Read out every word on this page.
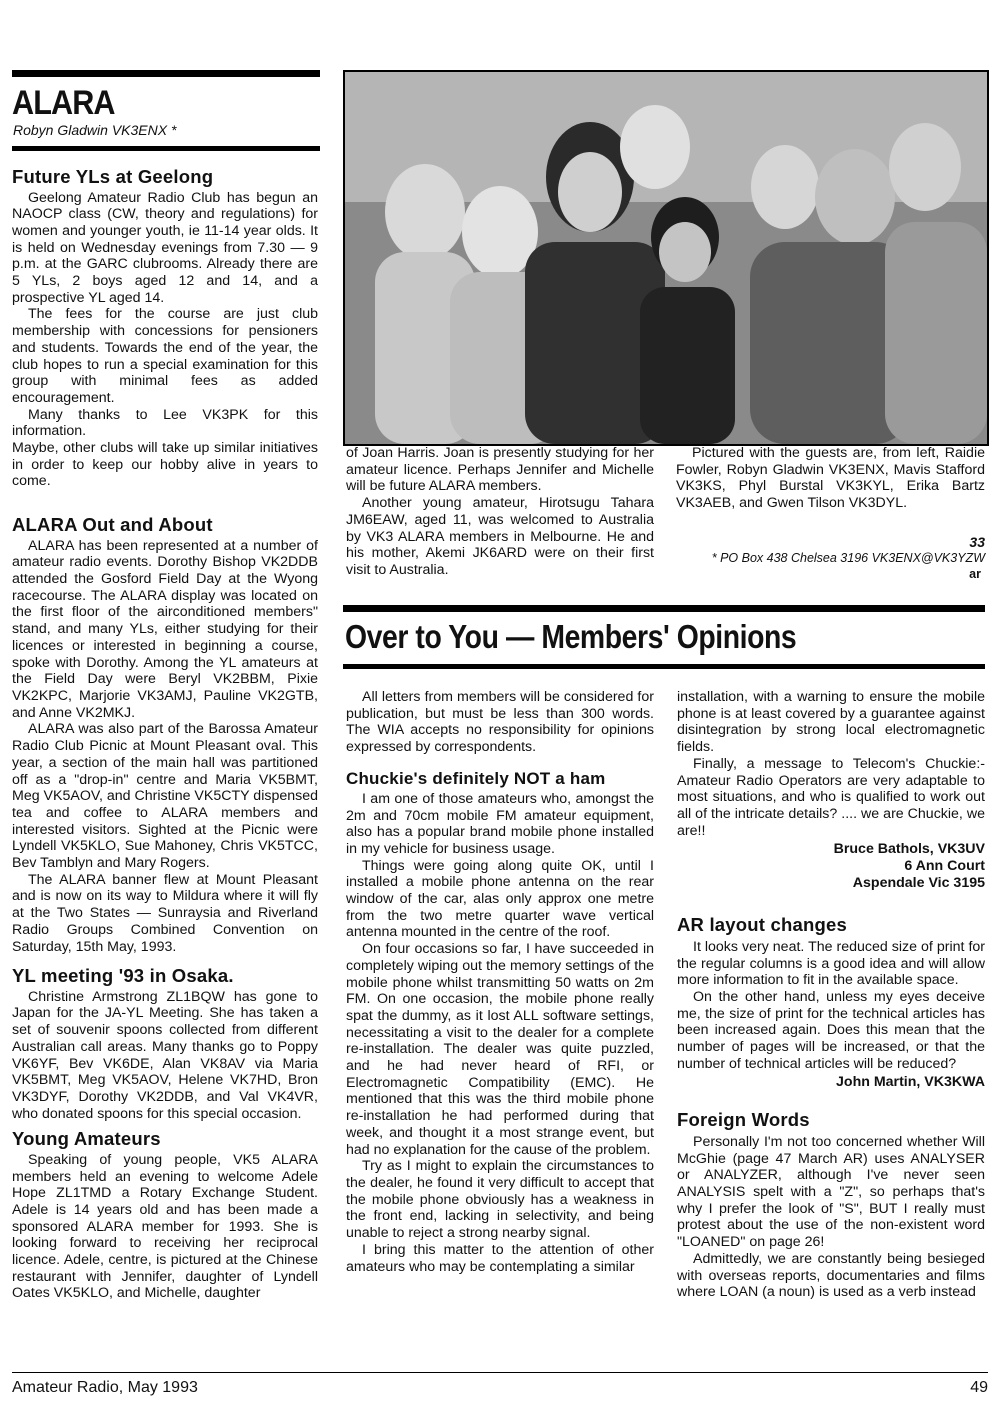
ALARA
Robyn Gladwin VK3ENX *
Future YLs at Geelong

Geelong Amateur Radio Club has begun an NAOCP class (CW, theory and regulations) for women and younger youth, ie 11-14 year olds. It is held on Wednesday evenings from 7.30 — 9 p.m. at the GARC clubrooms. Already there are 5 YLs, 2 boys aged 12 and 14, and a prospective YL aged 14.

The fees for the course are just club membership with concessions for pensioners and students. Towards the end of the year, the club hopes to run a special examination for this group with minimal fees as added encouragement.

Many thanks to Lee VK3PK for this information.

Maybe, other clubs will take up similar initiatives in order to keep our hobby alive in years to come.

ALARA Out and About

ALARA has been represented at a number of amateur radio events. Dorothy Bishop VK2DDB attended the Gosford Field Day at the Wyong racecourse. The ALARA display was located on the first floor of the airconditioned members" stand, and many YLs, either studying for their licences or interested in beginning a course, spoke with Dorothy. Among the YL amateurs at the Field Day were Beryl VK2BBM, Pixie VK2KPC, Marjorie VK3AMJ, Pauline VK2GTB, and Anne VK2MKJ.

ALARA was also part of the Barossa Amateur Radio Club Picnic at Mount Pleasant oval. This year, a section of the main hall was partitioned off as a "drop-in" centre and Maria VK5BMT, Meg VK5AOV, and Christine VK5CTY dispensed tea and coffee to ALARA members and interested visitors. Sighted at the Picnic were Lyndell VK5KLO, Sue Mahoney, Chris VK5TCC, Bev Tamblyn and Mary Rogers.

The ALARA banner flew at Mount Pleasant and is now on its way to Mildura where it will fly at the Two States — Sunraysia and Riverland Radio Groups Combined Convention on Saturday, 15th May, 1993.

YL meeting '93 in Osaka.

Christine Armstrong ZL1BQW has gone to Japan for the JA-YL Meeting. She has taken a set of souvenir spoons collected from different Australian call areas. Many thanks go to Poppy VK6YF, Bev VK6DE, Alan VK8AV via Maria VK5BMT, Meg VK5AOV, Helene VK7HD, Bron VK3DYF, Dorothy VK2DDB, and Val VK4VR, who donated spoons for this special occasion.

Young Amateurs

Speaking of young people, VK5 ALARA members held an evening to welcome Adele Hope ZL1TMD a Rotary Exchange Student. Adele is 14 years old and has been made a sponsored ALARA member for 1993. She is looking forward to receiving her reciprocal licence. Adele, centre, is pictured at the Chinese restaurant with Jennifer, daughter of Lyndell Oates VK5KLO, and Michelle, daughter

of Joan Harris. Joan is presently studying for her amateur licence. Perhaps Jennifer and Michelle will be future ALARA members.

Another young amateur, Hirotsugu Tahara JM6EAW, aged 11, was welcomed to Australia by VK3 ALARA members in Melbourne. He and his mother, Akemi JK6ARD were on their first visit to Australia.

Pictured with the guests are, from left, Raidie Fowler, Robyn Gladwin VK3ENX, Mavis Stafford VK3KS, Phyl Burstal VK3KYL, Erika Bartz VK3AEB, and Gwen Tilson VK3DYL.

33
* PO Box 438 Chelsea 3196 VK3ENX@VK3YZW
ar
Over to You — Members' Opinions

All letters from members will be considered for publication, but must be less than 300 words. The WIA accepts no responsibility for opinions expressed by correspondents.

Chuckie's definitely NOT a ham

I am one of those amateurs who, amongst the 2m and 70cm mobile FM amateur equipment, also has a popular brand mobile phone installed in my vehicle for business usage.

Things were going along quite OK, until I installed a mobile phone antenna on the rear window of the car, alas only approx one metre from the two metre quarter wave vertical antenna mounted in the centre of the roof.

On four occasions so far, I have succeeded in completely wiping out the memory settings of the mobile phone whilst transmitting 50 watts on 2m FM. On one occasion, the mobile phone really spat the dummy, as it lost ALL software settings, necessitating a visit to the dealer for a complete re-installation. The dealer was quite puzzled, and he had never heard of RFI, or Electromagnetic Compatibility (EMC). He mentioned that this was the third mobile phone re-installation he had performed during that week, and thought it a most strange event, but had no explanation for the cause of the problem.

Try as I might to explain the circumstances to the dealer, he found it very difficult to accept that the mobile phone obviously has a weakness in the front end, lacking in selectivity, and being unable to reject a strong nearby signal.

I bring this matter to the attention of other amateurs who may be contemplating a similar

installation, with a warning to ensure the mobile phone is at least covered by a guarantee against disintegration by strong local electromagnetic fields.

Finally, a message to Telecom's Chuckie:- Amateur Radio Operators are very adaptable to most situations, and who is qualified to work out all of the intricate details? .... we are Chuckie, we are!!

Bruce Bathols, VK3UV
6 Ann Court
Aspendale Vic 3195
AR layout changes

It looks very neat. The reduced size of print for the regular columns is a good idea and will allow more information to fit in the available space.

On the other hand, unless my eyes deceive me, the size of print for the technical articles has been increased again. Does this mean that the number of pages will be increased, or that the number of technical articles will be reduced?

John Martin, VK3KWA
Foreign Words

Personally I'm not too concerned whether Will McGhie (page 47 March AR) uses ANALYSER or ANALYZER, although I've never seen ANALYSIS spelt with a "Z", so perhaps that's why I prefer the look of "S", BUT I really must protest about the use of the non-existent word "LOANED" on page 26!

Admittedly, we are constantly being besieged with overseas reports, documentaries and films where LOAN (a noun) is used as a verb instead

Amateur Radio, May 1993	49
